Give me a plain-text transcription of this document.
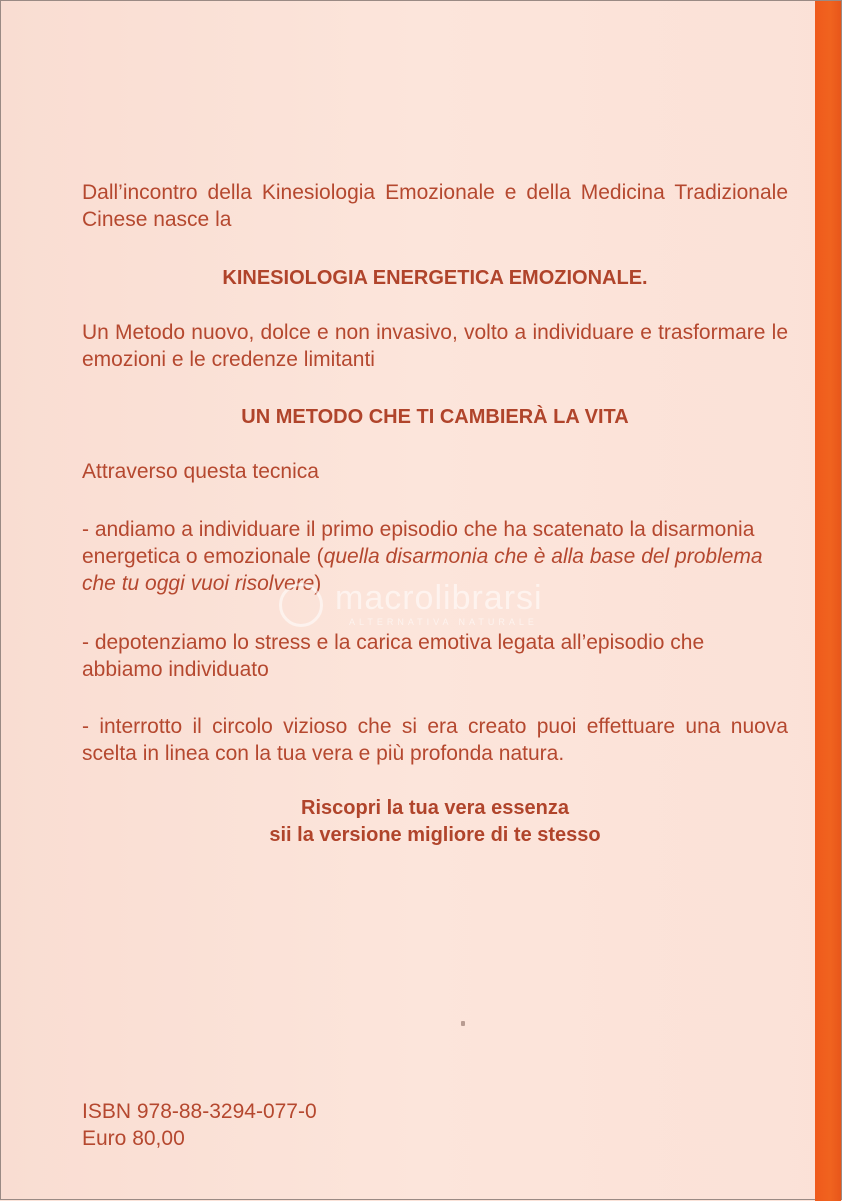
Dall’incontro della Kinesiologia Emozionale e della Medicina Tradizionale Cinese nasce la

KINESIOLOGIA ENERGETICA EMOZIONALE.

Un Metodo nuovo, dolce e non invasivo, volto a individuare e trasformare le emozioni e le credenze limitanti

UN METODO CHE TI CAMBIERÀ LA VITA

Attraverso questa tecnica

- andiamo a individuare il primo episodio che ha scatenato la disarmonia energetica o emozionale (quella disarmonia che è alla base del problema che tu oggi vuoi risolvere)

- depotenziamo lo stress e la carica emotiva legata all’episodio che abbiamo individuato

- interrotto il circolo vizioso che si era creato puoi effettuare una nuova scelta in linea con la tua vera e più profonda natura.

Riscopri la tua vera essenza
sii la versione migliore di te stesso
macrolibrarsi
ALTERNATIVA NATURALE
ISBN 978-88-3294-077-0
Euro 80,00
